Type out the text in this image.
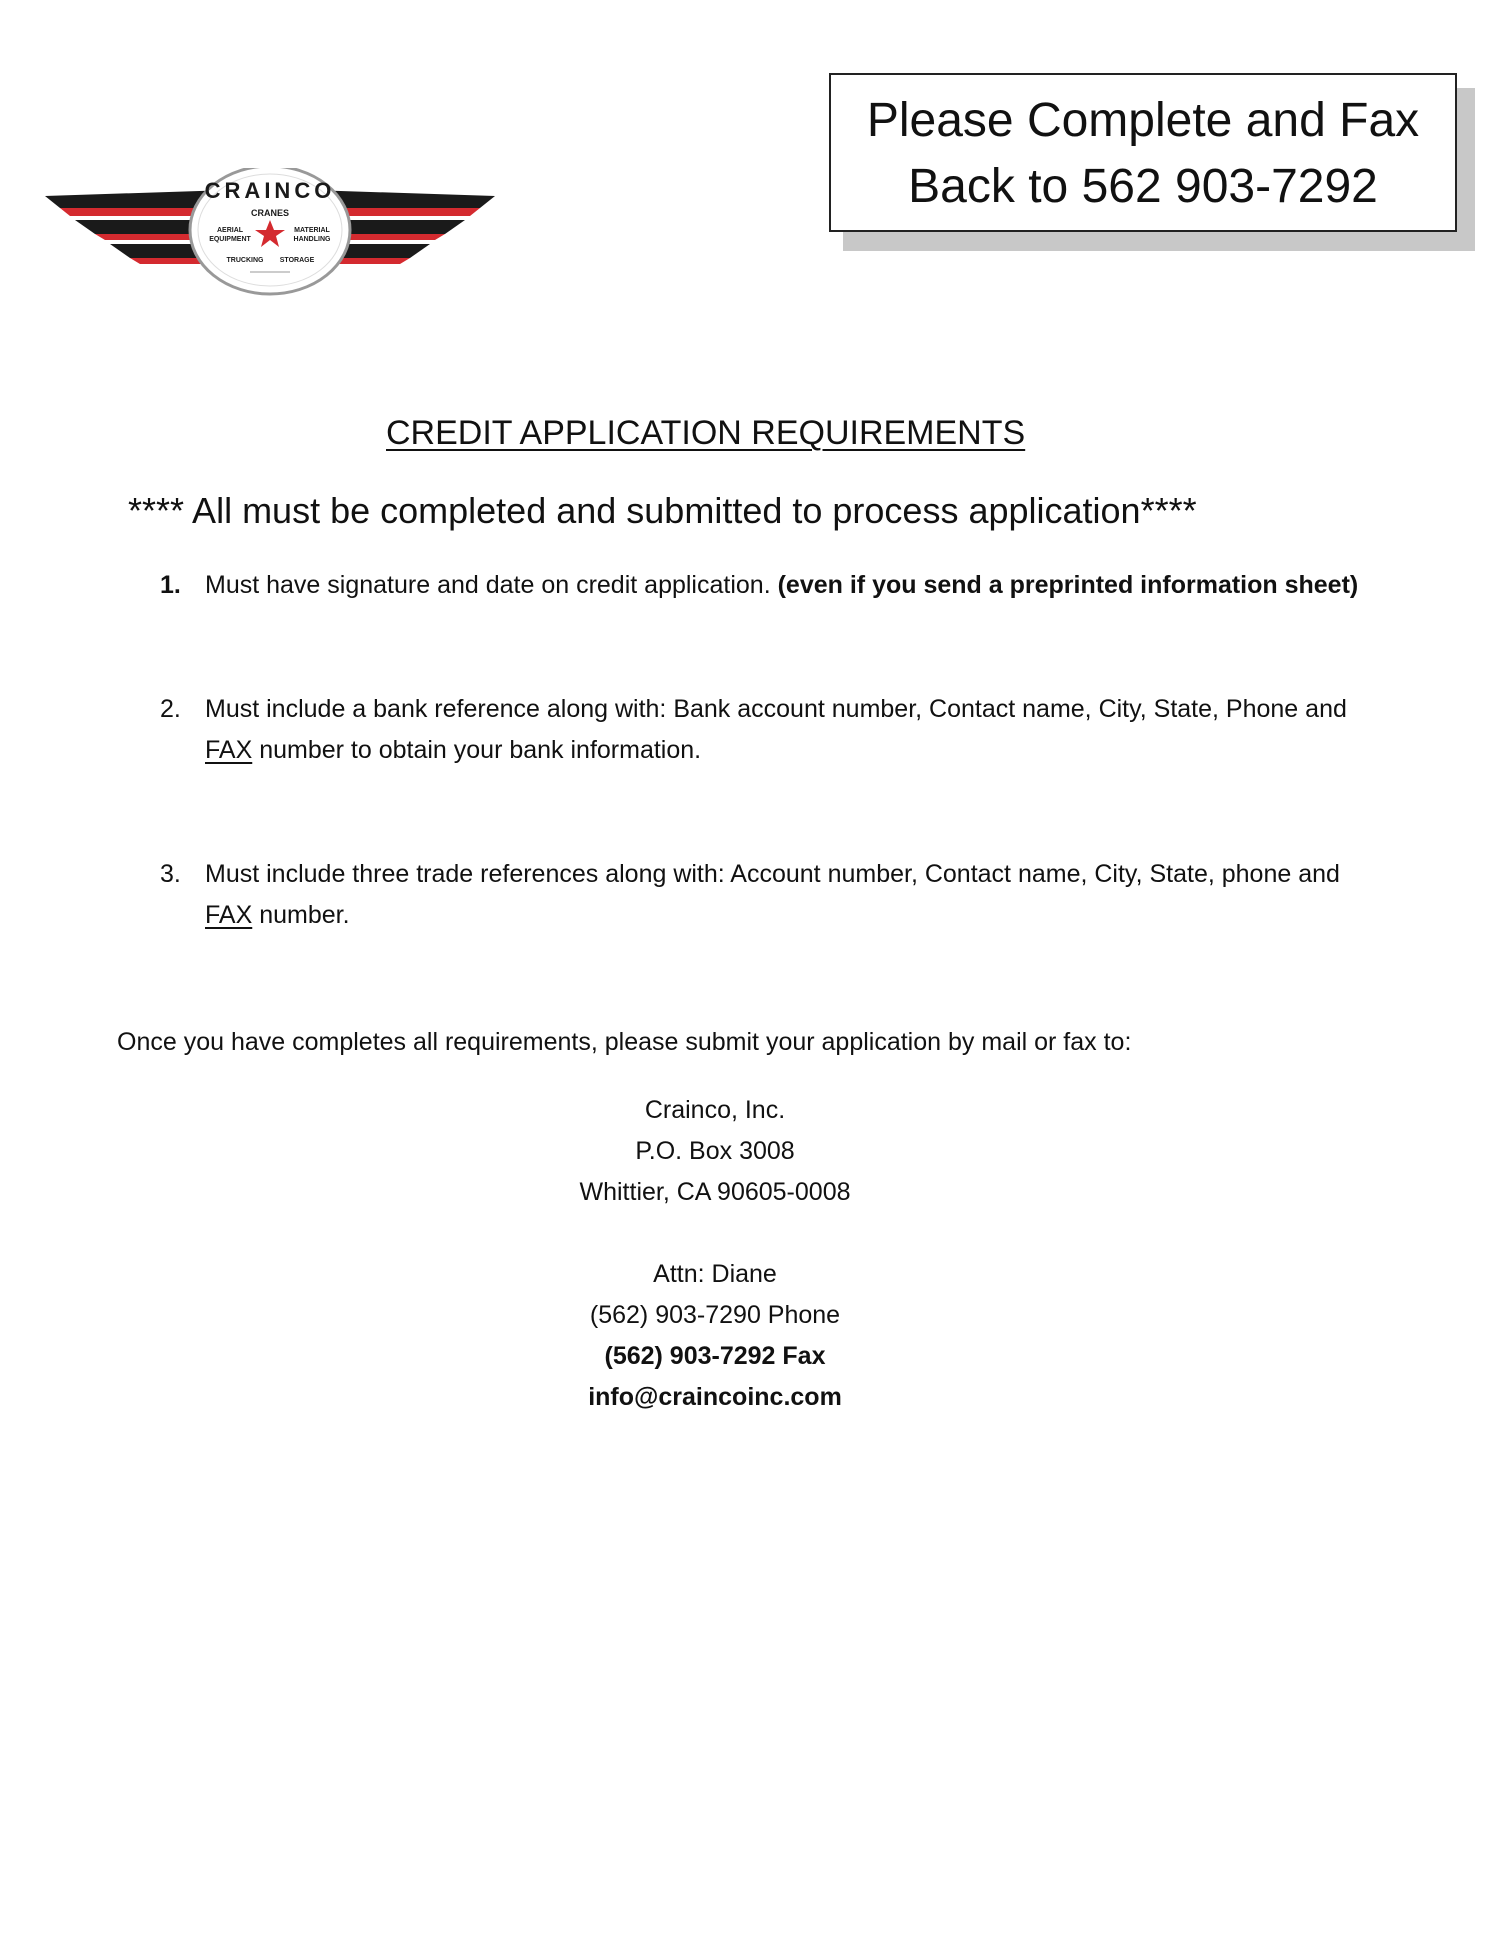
CRAINCO
CRANES
AERIAL
EQUIPMENT
MATERIAL
HANDLING
TRUCKING STORAGE
Please Complete and Fax
Back to 562 903-7292
CREDIT APPLICATION REQUIREMENTS
**** All must be completed and submitted to process application****
1. Must have signature and date on credit application. (even if you send a preprinted information sheet)
2. Must include a bank reference along with: Bank account number, Contact name, City, State, Phone and FAX number to obtain your bank information.
3. Must include three trade references along with: Account number, Contact name, City, State, phone and FAX number.
Once you have completes all requirements, please submit your application by mail or fax to:
Crainco, Inc.
P.O. Box 3008
Whittier, CA 90605-0008
Attn: Diane
(562) 903-7290 Phone
(562) 903-7292 Fax
info@craincoinc.com
